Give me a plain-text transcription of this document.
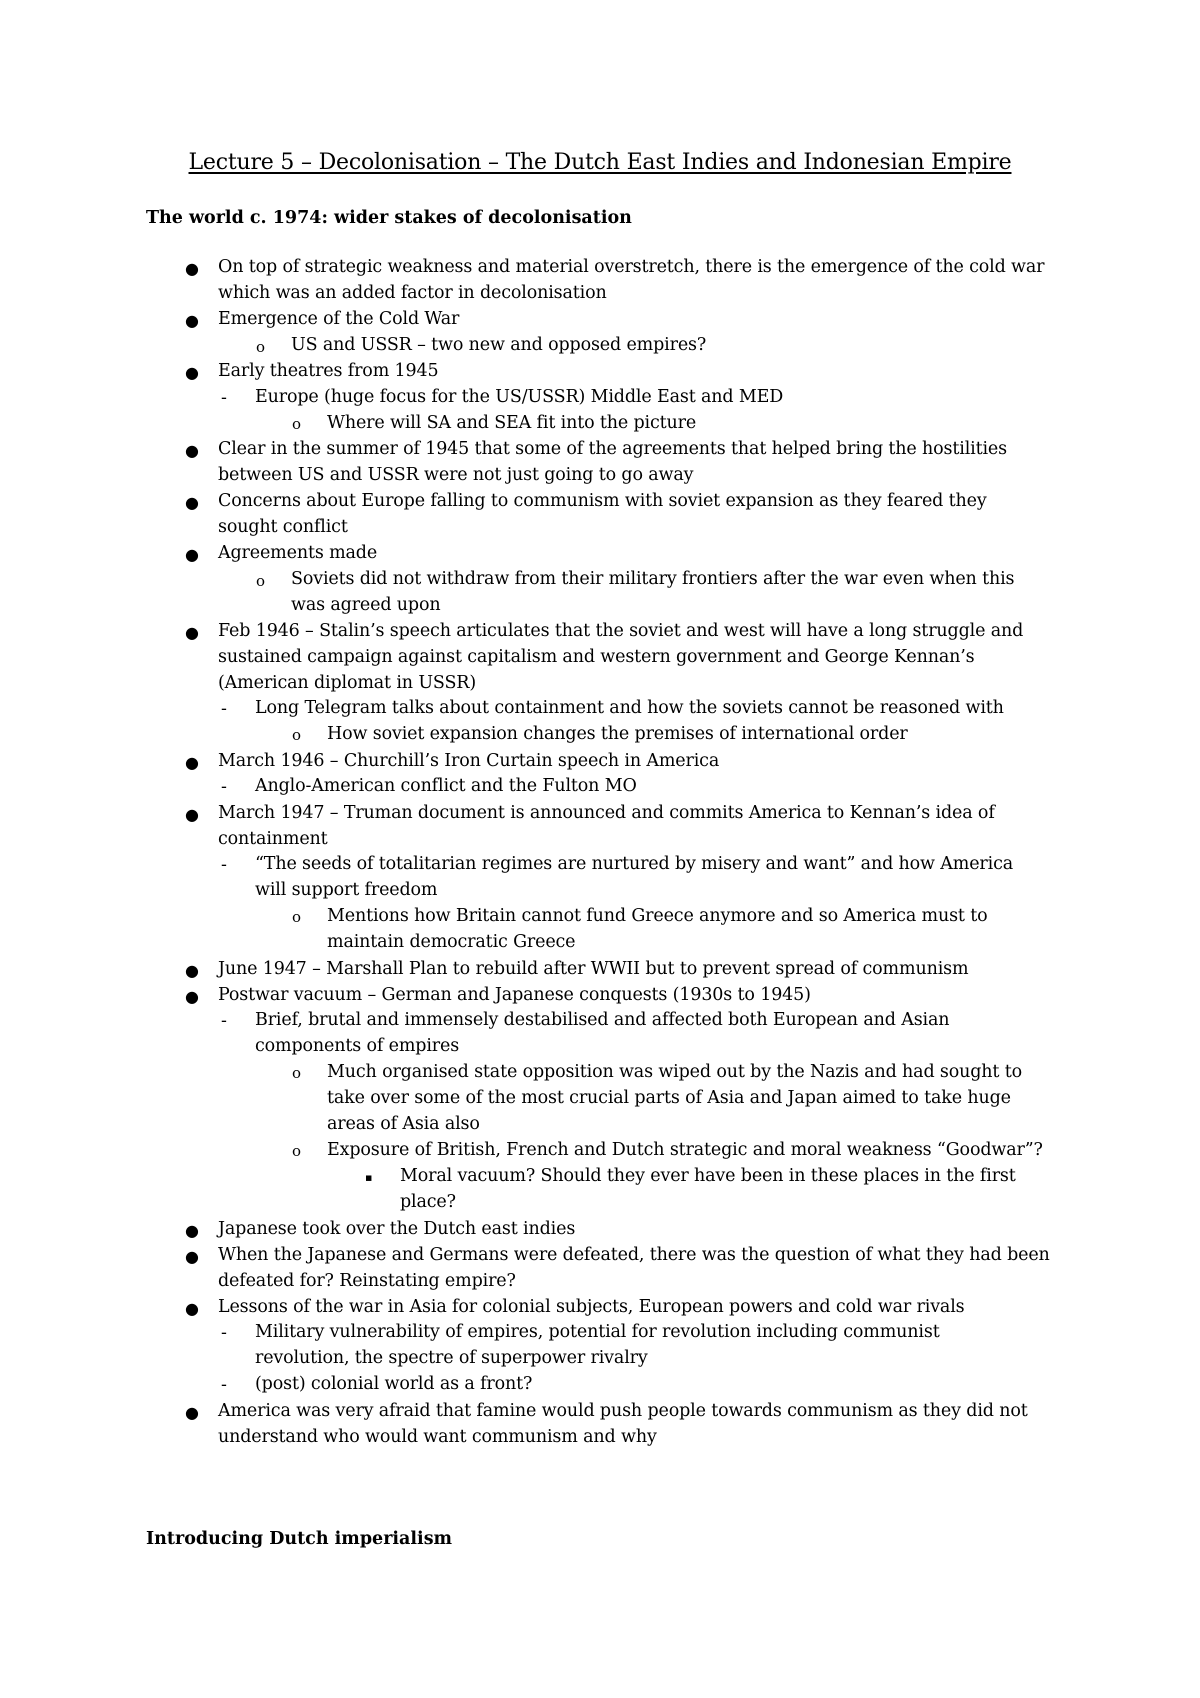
Lecture 5 – Decolonisation – The Dutch East Indies and Indonesian Empire
The world c. 1974: wider stakes of decolonisation
●
●
o
●
-
o
●
●
●
o
●
-
o
●
-
●
-
o
●
●
-
o
o
▪
●
●
●
-
-
●
On top of strategic weakness and material overstretch, there is the emergence of the cold war
which was an added factor in decolonisation
Emergence of the Cold War
US and USSR – two new and opposed empires?
Early theatres from 1945
Europe (huge focus for the US/USSR) Middle East and MED
Where will SA and SEA fit into the picture
Clear in the summer of 1945 that some of the agreements that helped bring the hostilities
between US and USSR were not just going to go away
Concerns about Europe falling to communism with soviet expansion as they feared they
sought conflict
Agreements made
Soviets did not withdraw from their military frontiers after the war even when this
was agreed upon
Feb 1946 – Stalin’s speech articulates that the soviet and west will have a long struggle and
sustained campaign against capitalism and western government and George Kennan’s
(American diplomat in USSR)
Long Telegram talks about containment and how the soviets cannot be reasoned with
How soviet expansion changes the premises of international order
March 1946 – Churchill’s Iron Curtain speech in America
Anglo-American conflict and the Fulton MO
March 1947 – Truman document is announced and commits America to Kennan’s idea of
containment
“The seeds of totalitarian regimes are nurtured by misery and want” and how America
will support freedom
Mentions how Britain cannot fund Greece anymore and so America must to
maintain democratic Greece
June 1947 – Marshall Plan to rebuild after WWII but to prevent spread of communism
Postwar vacuum – German and Japanese conquests (1930s to 1945)
Brief, brutal and immensely destabilised and affected both European and Asian
components of empires
Much organised state opposition was wiped out by the Nazis and had sought to
take over some of the most crucial parts of Asia and Japan aimed to take huge
areas of Asia also
Exposure of British, French and Dutch strategic and moral weakness “Goodwar”?
Moral vacuum? Should they ever have been in these places in the first
place?
Japanese took over the Dutch east indies
When the Japanese and Germans were defeated, there was the question of what they had been
defeated for? Reinstating empire?
Lessons of the war in Asia for colonial subjects, European powers and cold war rivals
Military vulnerability of empires, potential for revolution including communist
revolution, the spectre of superpower rivalry
(post) colonial world as a front?
America was very afraid that famine would push people towards communism as they did not
understand who would want communism and why
Introducing Dutch imperialism
